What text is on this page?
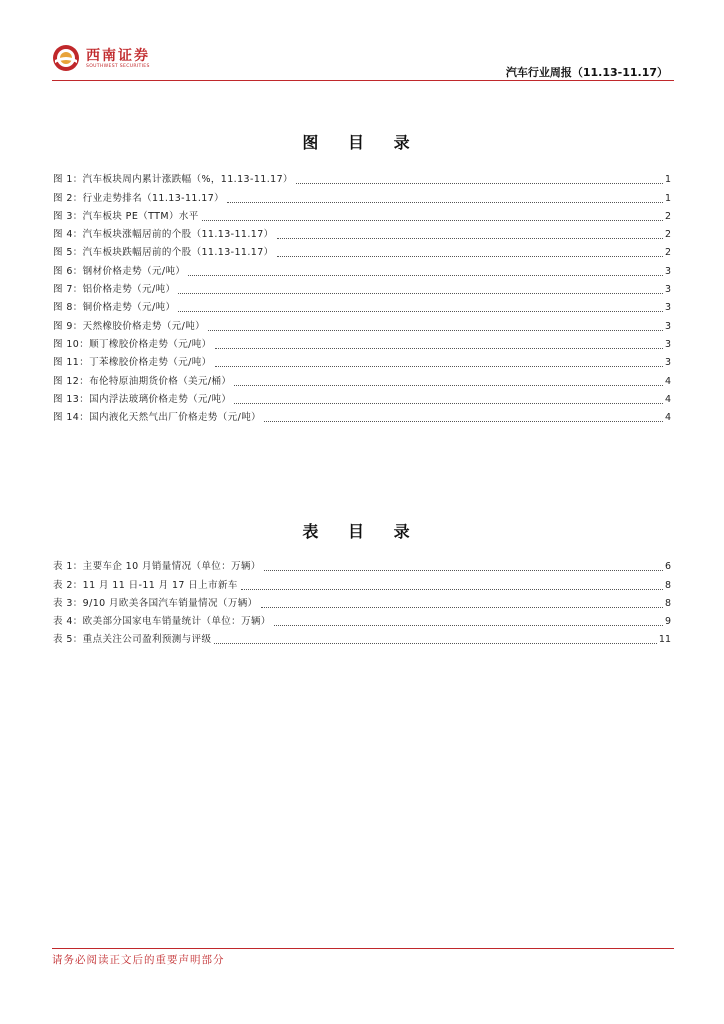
西南证券
SOUTHWEST SECURITIES	汽车行业周报（11.13-11.17）
图 目 录
图 1：汽车板块周内累计涨跌幅（%，11.13-11.17）	1
图 2：行业走势排名（11.13-11.17）	1
图 3：汽车板块 PE（TTM）水平	2
图 4：汽车板块涨幅居前的个股（11.13-11.17）	2
图 5：汽车板块跌幅居前的个股（11.13-11.17）	2
图 6：钢材价格走势（元/吨）	3
图 7：铝价格走势（元/吨）	3
图 8：铜价格走势（元/吨）	3
图 9：天然橡胶价格走势（元/吨）	3
图 10：顺丁橡胶价格走势（元/吨）	3
图 11：丁苯橡胶价格走势（元/吨）	3
图 12：布伦特原油期货价格（美元/桶）	4
图 13：国内浮法玻璃价格走势（元/吨）	4
图 14：国内液化天然气出厂价格走势（元/吨）	4
表 目 录
表 1：主要车企 10 月销量情况（单位：万辆）	6
表 2：11 月 11 日-11 月 17 日上市新车	8
表 3：9/10 月欧美各国汽车销量情况（万辆）	8
表 4：欧美部分国家电车销量统计（单位：万辆）	9
表 5：重点关注公司盈利预测与评级	11
请务必阅读正文后的重要声明部分
